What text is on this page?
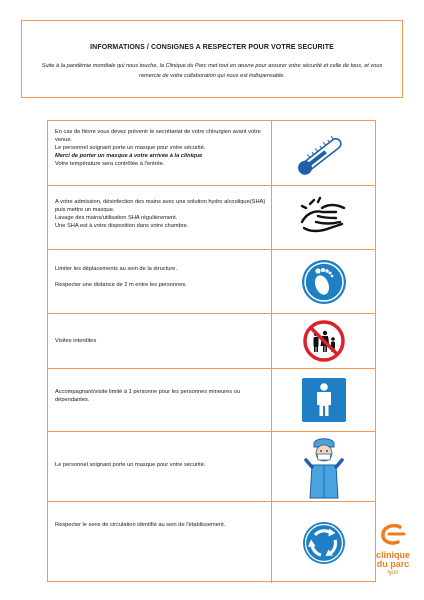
INFORMATIONS / CONSIGNES A RESPECTER POUR VOTRE SECURITE
Suite à la pandémie mondiale qui nous touche, la Clinique du Parc met tout en œuvre pour assurer votre sécurité et celle de tous, et vous remercie de votre collaboration qui nous est indispensable.

En cas de fièvre vous devez prévenir le secrétariat de votre chirurgien avant votre venue.

Le personnel soignant porte un masque pour votre sécurité.

Merci de porter un masque à votre arrivée à la clinique

Votre température sera contrôlée à l'entrée.

A votre admission, désinfection des mains avec une solution hydro alcoolique(SHA) puis mettre un masque.

Lavage des mains/utilisation SHA régulièrement.

Une SHA est à votre disposition dans votre chambre.

Limiter les déplacements au sein de la structure.

Respecter une distance de 2 m entre les personnes.

Visites interdites

Accompagnant/visite limité à 1 personne pour les personnes mineures ou dépendantes.

Le personnel soignant porte un masque pour votre sécurité.

Respecter le sens de circulation identifié au sein de l'établissement.

clinique
du parc
lyon
